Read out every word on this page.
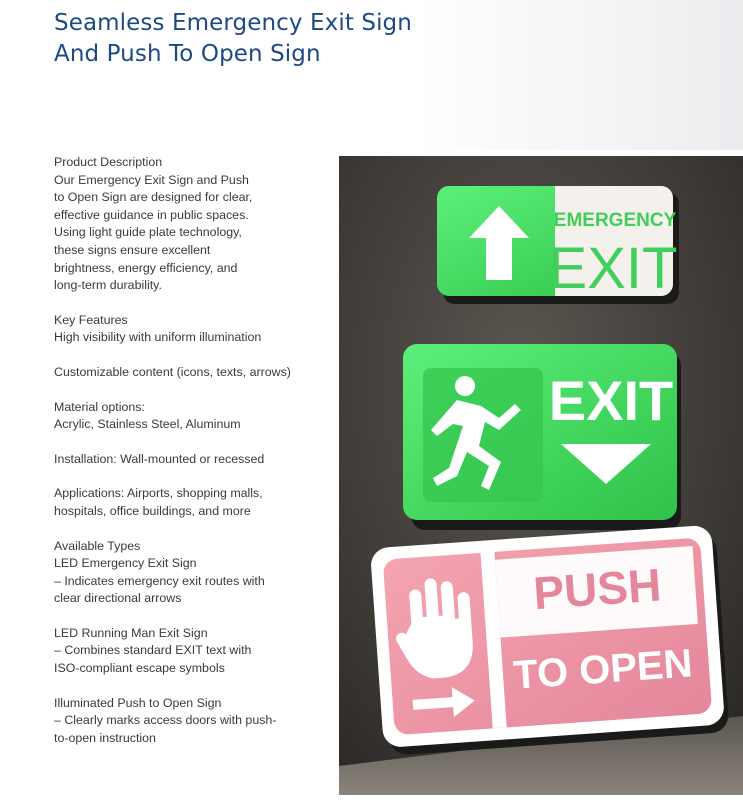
Seamless Emergency Exit Sign
And Push To Open Sign
Product Description
Our Emergency Exit Sign and Push
to Open Sign are designed for clear,
effective guidance in public spaces.
Using light guide plate technology,
these signs ensure excellent
brightness, energy efficiency, and
long-term durability.
Key Features
High visibility with uniform illumination
Customizable content (icons, texts, arrows)
Material options:
Acrylic, Stainless Steel, Aluminum
Installation: Wall-mounted or recessed
Applications: Airports, shopping malls,
hospitals, office buildings, and more
Available Types
LED Emergency Exit Sign
– Indicates emergency exit routes with
clear directional arrows
LED Running Man Exit Sign
– Combines standard EXIT text with
ISO-compliant escape symbols
Illuminated Push to Open Sign
– Clearly marks access doors with push-
to-open instruction
EMERGENCY
EXIT
EXIT
PUSH
TO OPEN
